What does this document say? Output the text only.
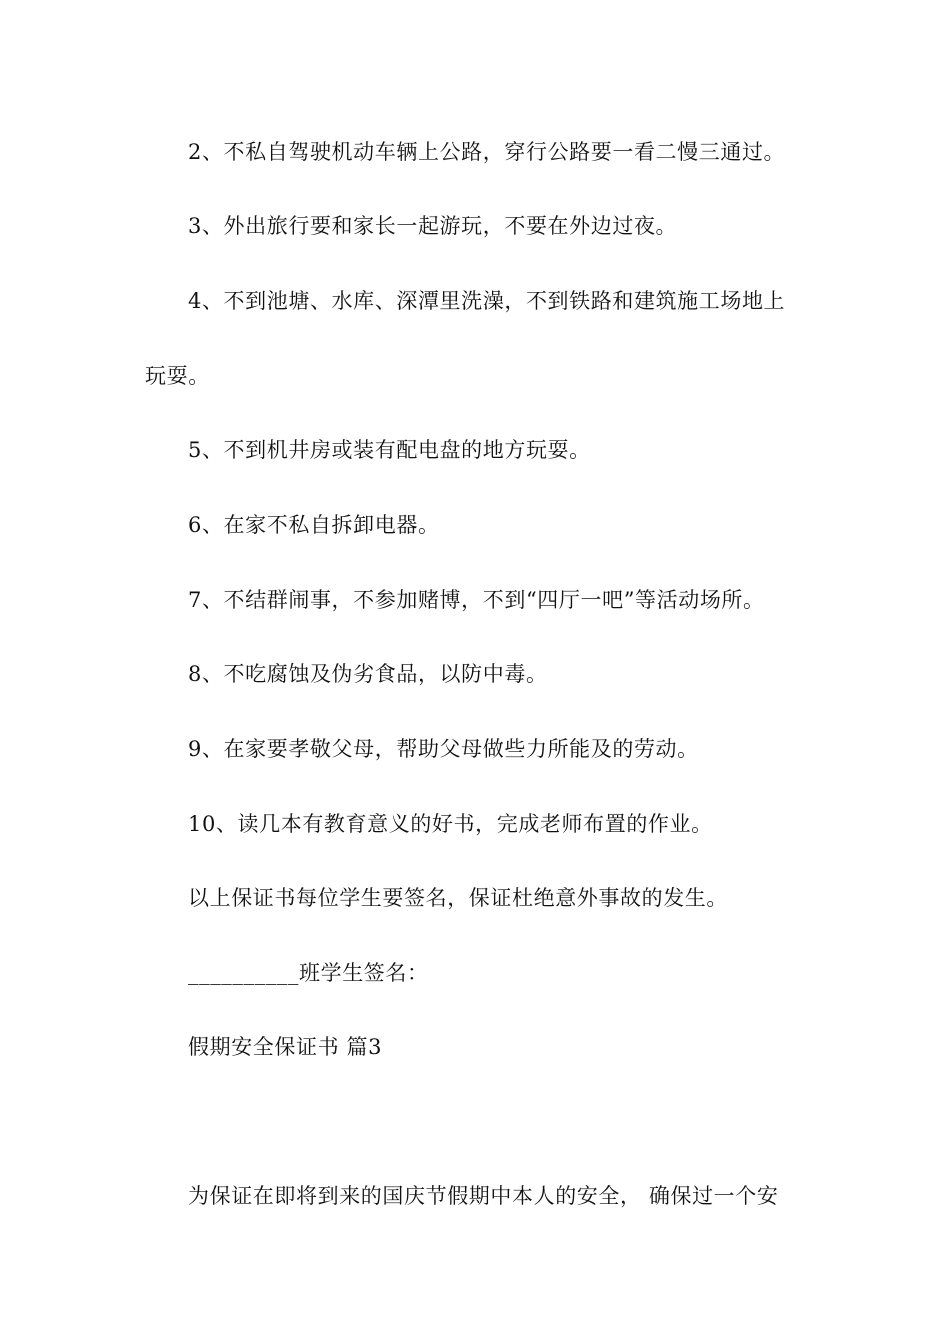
2、不私自驾驶机动车辆上公路，穿行公路要一看二慢三通过。
3、外出旅行要和家长一起游玩，不要在外边过夜。
4、不到池塘、水库、深潭里洗澡，不到铁路和建筑施工场地上
玩耍。
5、不到机井房或装有配电盘的地方玩耍。
6、在家不私自拆卸电器。
7、不结群闹事，不参加赌博，不到“四厅一吧”等活动场所。
8、不吃腐蚀及伪劣食品，以防中毒。
9、在家要孝敬父母，帮助父母做些力所能及的劳动。
10、读几本有教育意义的好书，完成老师布置的作业。
以上保证书每位学生要签名，保证杜绝意外事故的发生。
__________班学生签名：
假期安全保证书 篇3
为保证在即将到来的国庆节假期中本人的安全， 确保过一个安
